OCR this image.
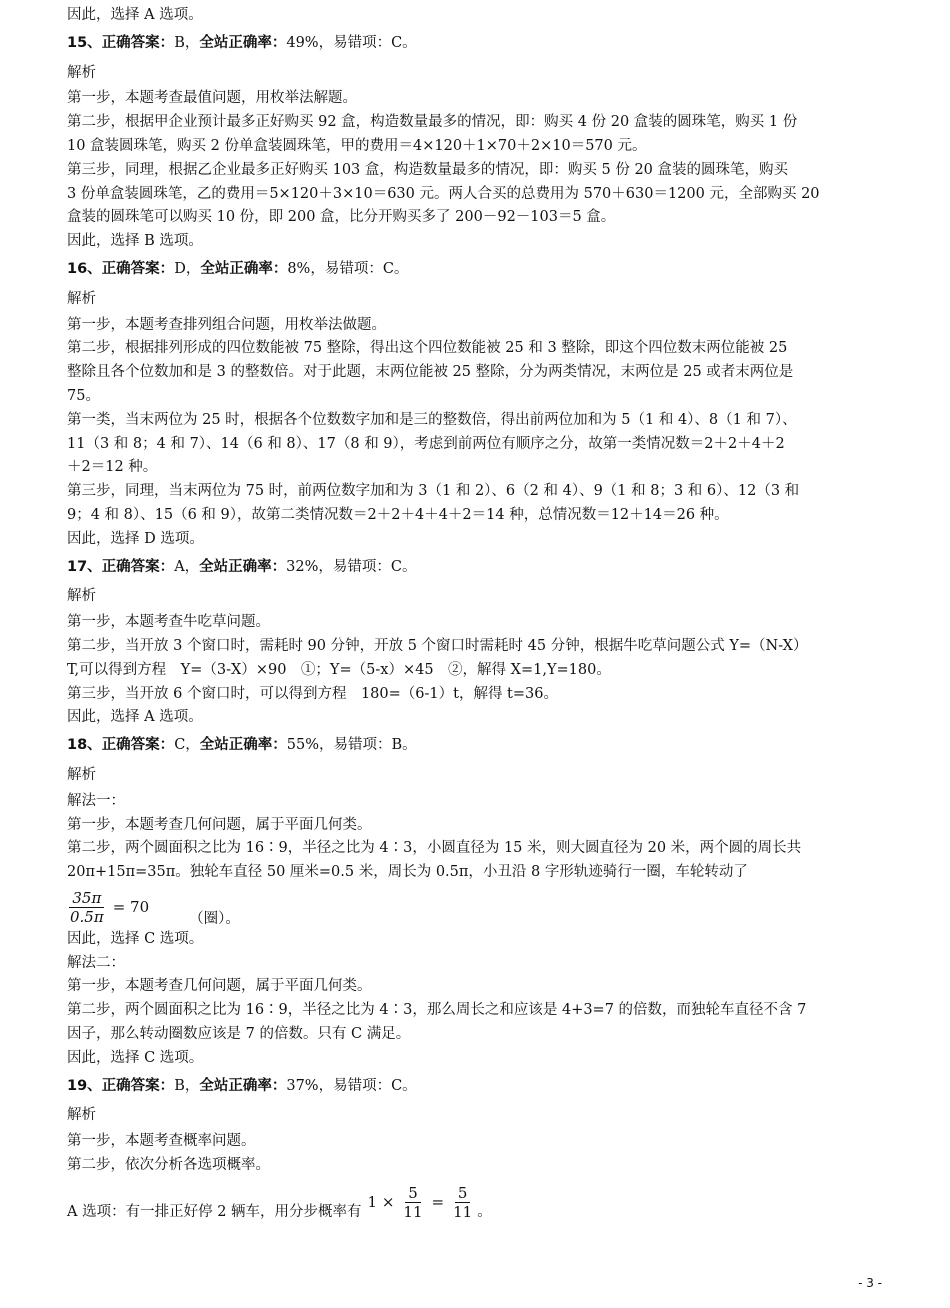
因此，选择 A 选项。
15、正确答案：B，全站正确率：49%，易错项：C。
解析
第一步，本题考查最值问题，用枚举法解题。
第二步，根据甲企业预计最多正好购买 92 盒，构造数量最多的情况，即：购买 4 份 20 盒装的圆珠笔，购买 1 份
10 盒装圆珠笔，购买 2 份单盒装圆珠笔，甲的费用＝4×120＋1×70＋2×10＝570 元。
第三步，同理，根据乙企业最多正好购买 103 盒，构造数量最多的情况，即：购买 5 份 20 盒装的圆珠笔，购买
3 份单盒装圆珠笔，乙的费用＝5×120＋3×10＝630 元。两人合买的总费用为 570＋630＝1200 元，全部购买 20
盒装的圆珠笔可以购买 10 份，即 200 盒，比分开购买多了 200－92－103＝5 盒。
因此，选择 B 选项。
16、正确答案：D，全站正确率：8%，易错项：C。
解析
第一步，本题考查排列组合问题，用枚举法做题。
第二步，根据排列形成的四位数能被 75 整除，得出这个四位数能被 25 和 3 整除，即这个四位数末两位能被 25
整除且各个位数加和是 3 的整数倍。对于此题，末两位能被 25 整除，分为两类情况，末两位是 25 或者末两位是
75。
第一类，当末两位为 25 时，根据各个位数数字加和是三的整数倍，得出前两位加和为 5（1 和 4）、8（1 和 7）、
11（3 和 8；4 和 7）、14（6 和 8）、17（8 和 9），考虑到前两位有顺序之分，故第一类情况数＝2＋2＋4＋2
＋2＝12 种。
第三步，同理，当末两位为 75 时，前两位数字加和为 3（1 和 2）、6（2 和 4）、9（1 和 8；3 和 6）、12（3 和
9；4 和 8）、15（6 和 9），故第二类情况数＝2＋2＋4＋4＋2＝14 种，总情况数＝12＋14＝26 种。
因此，选择 D 选项。
17、正确答案：A，全站正确率：32%，易错项：C。
解析
第一步，本题考查牛吃草问题。
第二步，当开放 3 个窗口时，需耗时 90 分钟，开放 5 个窗口时需耗时 45 分钟，根据牛吃草问题公式 Y=（N-X）
T,可以得到方程　Y=（3-X）×90　①；Y=（5-x）×45　②，解得 X=1,Y=180。
第三步，当开放 6 个窗口时，可以得到方程　180=（6-1）t，解得 t=36。
因此，选择 A 选项。
18、正确答案：C，全站正确率：55%，易错项：B。
解析
解法一：
第一步，本题考查几何问题，属于平面几何类。
第二步，两个圆面积之比为 16∶9，半径之比为 4∶3，小圆直径为 15 米，则大圆直径为 20 米，两个圆的周长共
20π+15π=35π。独轮车直径 50 厘米=0.5 米，周长为 0.5π，小丑沿 8 字形轨迹骑行一圈，车轮转动了
$\frac{35\pi}{0.5\pi} = 70$
（圈）。
因此，选择 C 选项。
解法二：
第一步，本题考查几何问题，属于平面几何类。
第二步，两个圆面积之比为 16∶9，半径之比为 4∶3，那么周长之和应该是 4+3=7 的倍数，而独轮车直径不含 7
因子，那么转动圈数应该是 7 的倍数。只有 C 满足。
因此，选择 C 选项。
19、正确答案：B，全站正确率：37%，易错项：C。
解析
第一步，本题考查概率问题。
第二步，依次分析各选项概率。
A 选项：有一排正好停 2 辆车，用分步概率有
$1 \times \frac{5}{11} = \frac{5}{11}$ 。
- 3 -
